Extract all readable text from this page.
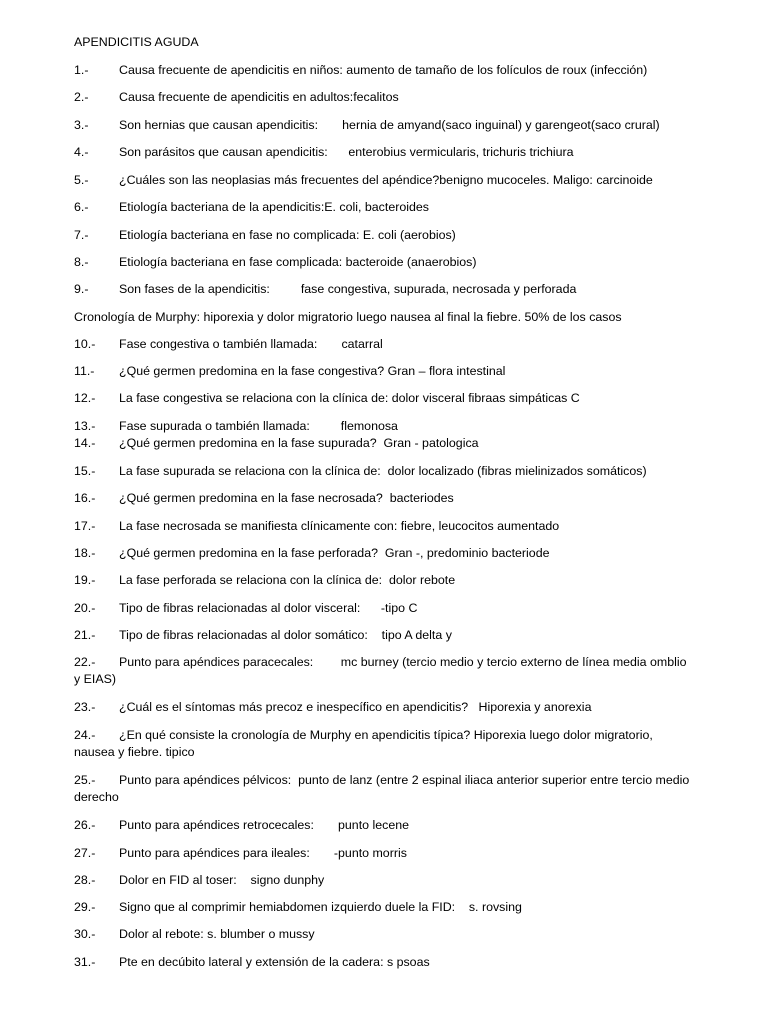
APENDICITIS AGUDA
1.- Causa frecuente de apendicitis en niños: aumento de tamaño de los folículos de roux (infección)
2.- Causa frecuente de apendicitis en adultos:fecalitos
3.- Son hernias que causan apendicitis:       hernia de amyand(saco inguinal) y garengeot(saco crural)
4.- Son parásitos que causan apendicitis:      enterobius vermicularis, trichuris trichiura
5.- ¿Cuáles son las neoplasias más frecuentes del apéndice?benigno mucoceles. Maligo: carcinoide
6.- Etiología bacteriana de la apendicitis:E. coli, bacteroides
7.- Etiología bacteriana en fase no complicada: E. coli (aerobios)
8.- Etiología bacteriana en fase complicada: bacteroide (anaerobios)
9.- Son fases de la apendicitis:         fase congestiva, supurada, necrosada y perforada
Cronología de Murphy: hiporexia y dolor migratorio luego nausea al final la fiebre. 50% de los casos
10.- Fase congestiva o también llamada:       catarral
11.- ¿Qué germen predomina en la fase congestiva? Gran – flora intestinal
12.- La fase congestiva se relaciona con la clínica de: dolor visceral fibraas simpáticas C
13.- Fase supurada o también llamada:         flemonosa
14.- ¿Qué germen predomina en la fase supurada?  Gran - patologica
15.- La fase supurada se relaciona con la clínica de:  dolor localizado (fibras mielinizados somáticos)
16.- ¿Qué germen predomina en la fase necrosada?  bacteriodes
17.- La fase necrosada se manifiesta clínicamente con: fiebre, leucocitos aumentado
18.- ¿Qué germen predomina en la fase perforada?  Gran -, predominio bacteriode
19.- La fase perforada se relaciona con la clínica de:  dolor rebote
20.- Tipo de fibras relacionadas al dolor visceral:      -tipo C
21.- Tipo de fibras relacionadas al dolor somático:    tipo A delta y
22.-	Punto para apéndices paracecales:        mc burney (tercio medio y tercio externo de línea media omblio y EIAS)
23.- ¿Cuál es el síntomas más precoz e inespecífico en apendicitis?   Hiporexia y anorexia
24.-	¿En qué consiste la cronología de Murphy en apendicitis típica? Hiporexia luego dolor migratorio, nausea y fiebre. tipico
25.-	Punto para apéndices pélvicos:  punto de lanz (entre 2 espinal iliaca anterior superior entre tercio medio derecho
26.- Punto para apéndices retrocecales:       punto lecene
27.- Punto para apéndices para ileales:       -punto morris
28.- Dolor en FID al toser:    signo dunphy
29.- Signo que al comprimir hemiabdomen izquierdo duele la FID:    s. rovsing
30.- Dolor al rebote: s. blumber o mussy
31.- Pte en decúbito lateral y extensión de la cadera: s psoas
